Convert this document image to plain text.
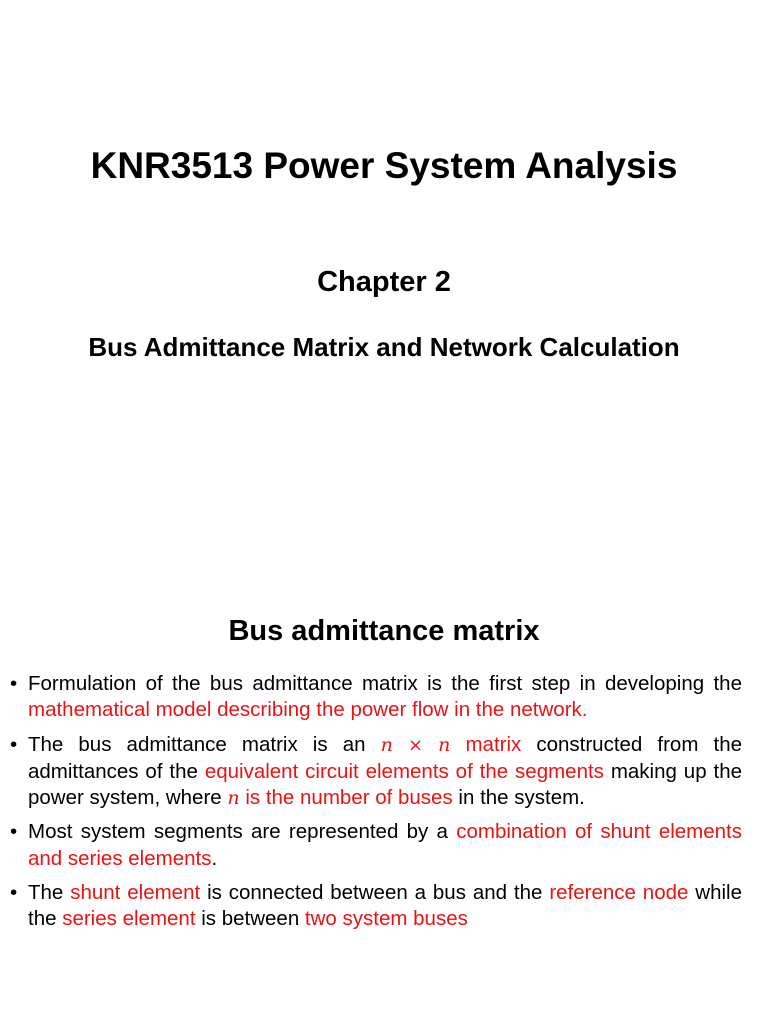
KNR3513 Power System Analysis
Chapter 2
Bus Admittance Matrix and Network Calculation
Bus admittance matrix
• Formulation of the bus admittance matrix is the first step in developing the mathematical model describing the power flow in the network.
• The bus admittance matrix is an n × n matrix constructed from the admittances of the equivalent circuit elements of the segments making up the power system, where n is the number of buses in the system.
• Most system segments are represented by a combination of shunt elements and series elements.
• The shunt element is connected between a bus and the reference node while the series element is between two system buses
